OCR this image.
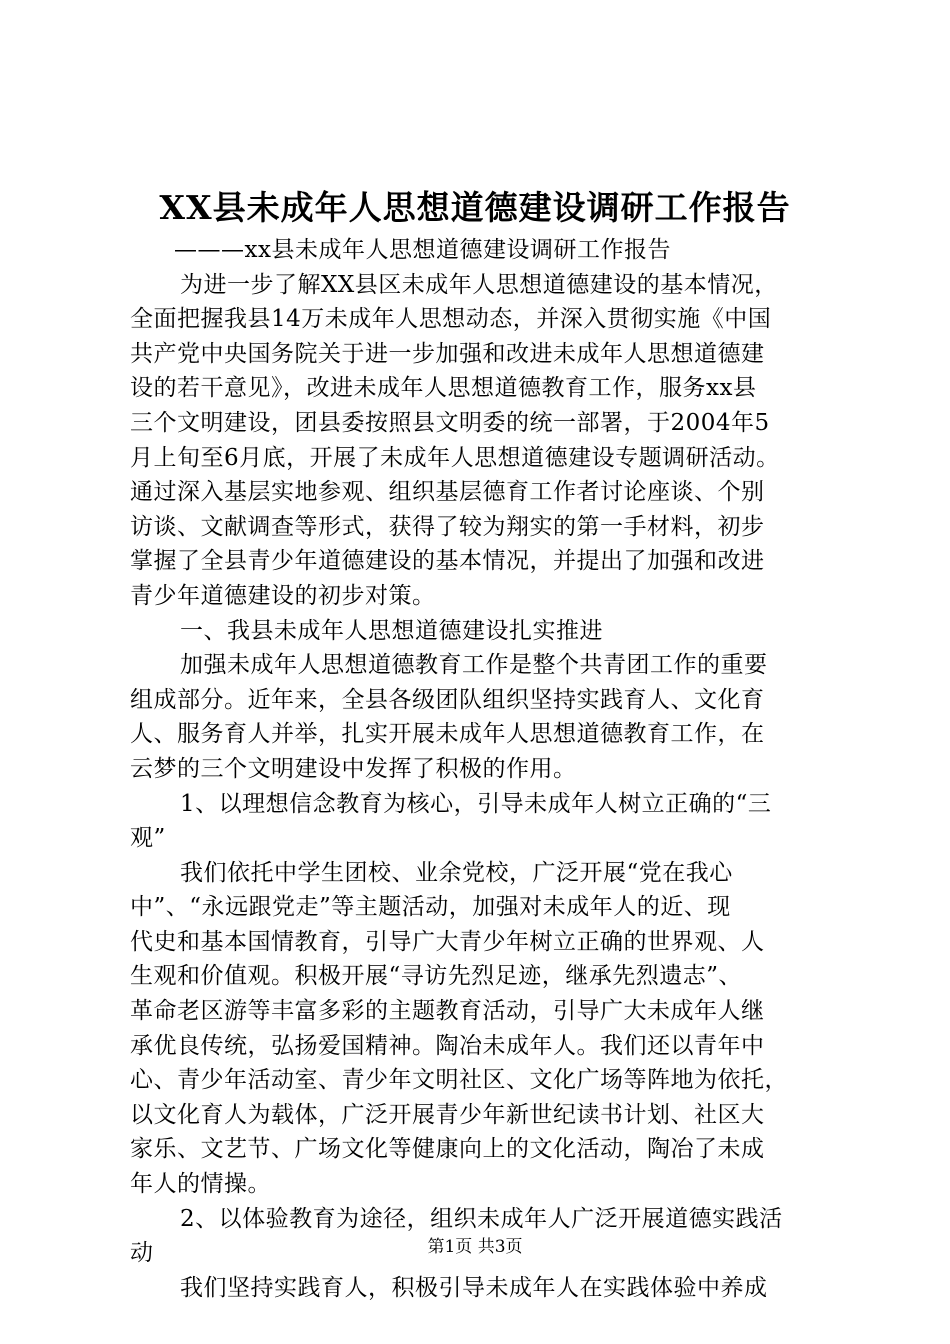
XX县未成年人思想道德建设调研工作报告
———xx县未成年人思想道德建设调研工作报告
为进一步了解XX县区未成年人思想道德建设的基本情况，
全面把握我县14万未成年人思想动态，并深入贯彻实施《中国
共产党中央国务院关于进一步加强和改进未成年人思想道德建
设的若干意见》，改进未成年人思想道德教育工作，服务xx县
三个文明建设，团县委按照县文明委的统一部署，于2004年5
月上旬至6月底，开展了未成年人思想道德建设专题调研活动。
通过深入基层实地参观、组织基层德育工作者讨论座谈、个别
访谈、文献调查等形式，获得了较为翔实的第一手材料，初步
掌握了全县青少年道德建设的基本情况，并提出了加强和改进
青少年道德建设的初步对策。
一、我县未成年人思想道德建设扎实推进
加强未成年人思想道德教育工作是整个共青团工作的重要
组成部分。近年来，全县各级团队组织坚持实践育人、文化育
人、服务育人并举，扎实开展未成年人思想道德教育工作，在
云梦的三个文明建设中发挥了积极的作用。
1、以理想信念教育为核心，引导未成年人树立正确的“三
观”
我们依托中学生团校、业余党校，广泛开展“党在我心
中”、“永远跟党走”等主题活动，加强对未成年人的近、现
代史和基本国情教育，引导广大青少年树立正确的世界观、人
生观和价值观。积极开展“寻访先烈足迹，继承先烈遗志”、
革命老区游等丰富多彩的主题教育活动，引导广大未成年人继
承优良传统，弘扬爱国精神。陶冶未成年人。我们还以青年中
心、青少年活动室、青少年文明社区、文化广场等阵地为依托，
以文化育人为载体，广泛开展青少年新世纪读书计划、社区大
家乐、文艺节、广场文化等健康向上的文化活动，陶冶了未成
年人的情操。
2、以体验教育为途径，组织未成年人广泛开展道德实践活
动
我们坚持实践育人，积极引导未成年人在实践体验中养成
第1页 共3页
